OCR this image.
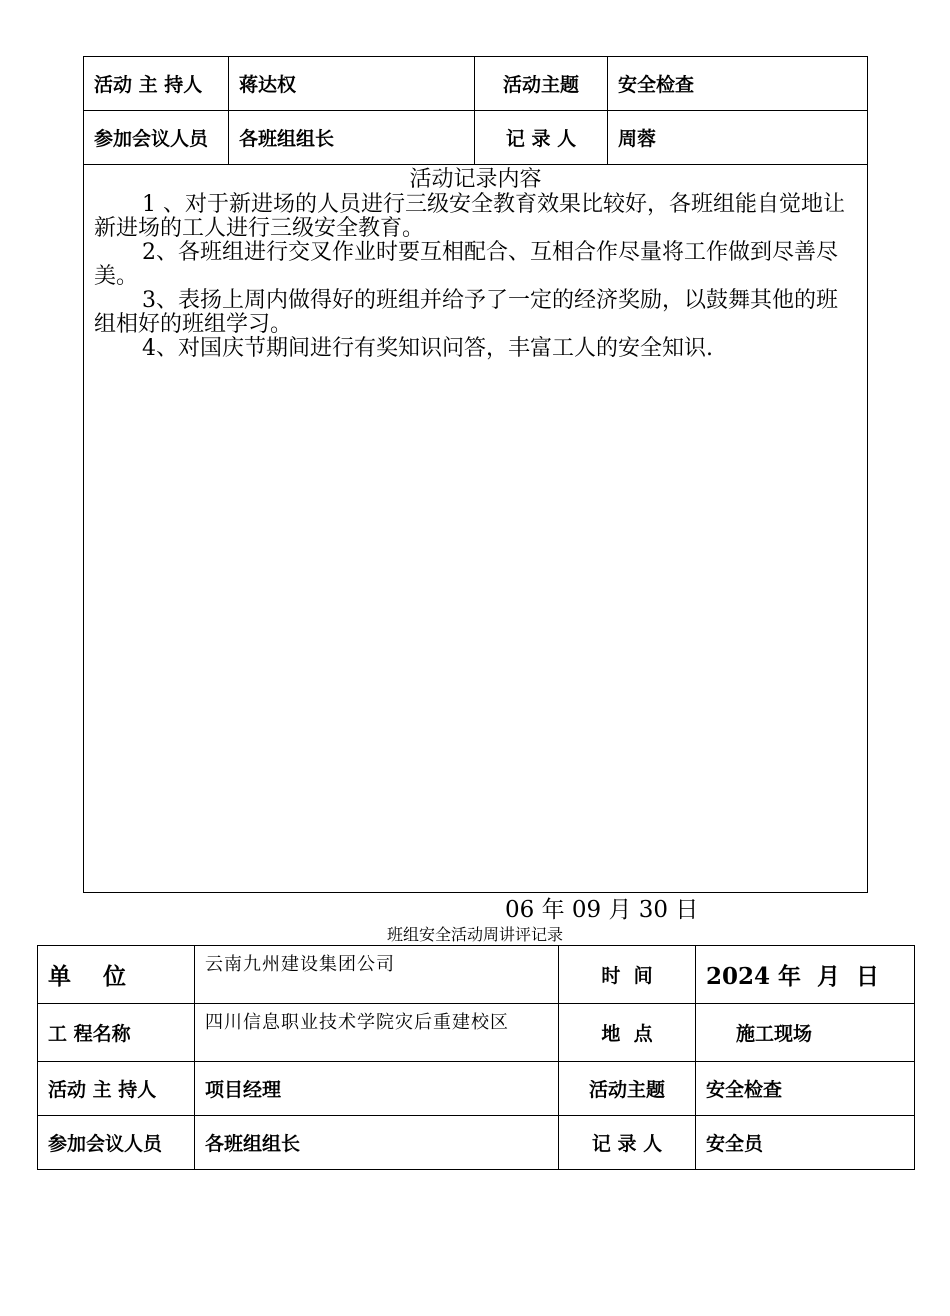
活动 主 持人	蒋达权	活动主题	安全检查
参加会议人员	各班组组长	记 录 人	周蓉

活动记录内容

1 、对于新进场的人员进行三级安全教育效果比较好，各班组能自觉地让新进场的工人进行三级安全教育。

2、各班组进行交叉作业时要互相配合、互相合作尽量将工作做到尽善尽美。

3、表扬上周内做得好的班组并给予了一定的经济奖励，以鼓舞其他的班组相好的班组学习。

4、对国庆节期间进行有奖知识问答，丰富工人的安全知识.			

06 年 09 月 30 日
班组安全活动周讲评记录
单    位	云南九州建设集团公司	时  间	2024 年  月  日
工 程名称	四川信息职业技术学院灾后重建校区	地  点	施工现场
活动 主 持人	项目经理	活动主题	安全检查
参加会议人员	各班组组长	记 录 人	安全员
